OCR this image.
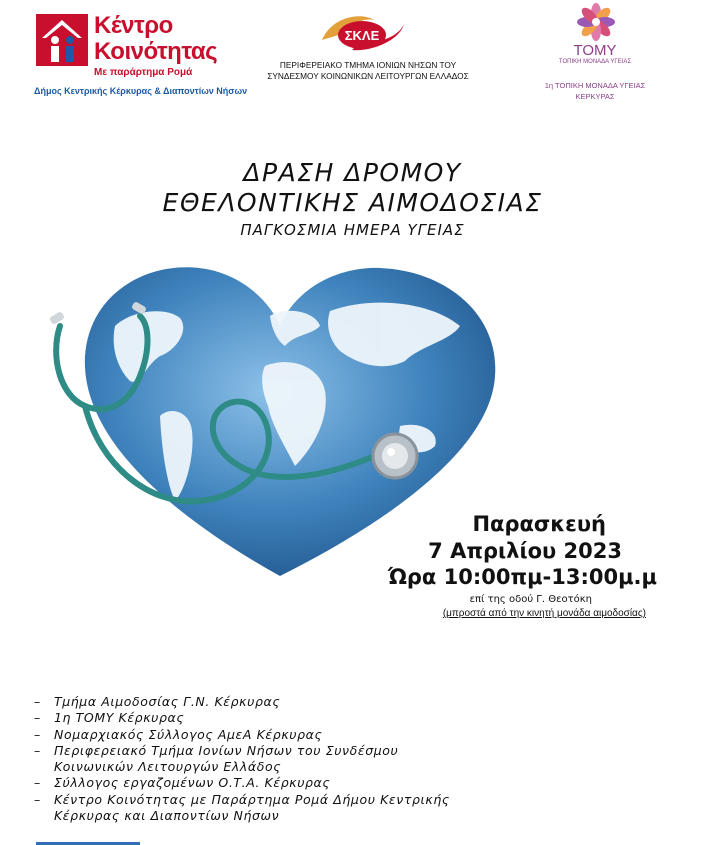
Κέντρο
Κοινότητας
Με παράρτημα Ρομά
Δήμος Κεντρικής Κέρκυρας & Διαποντίων Νήσων
ΣΚΛΕ
ΠΕΡΙΦΕΡΕΙΑΚΟ ΤΜΗΜΑ ΙΟΝΙΩΝ ΝΗΣΩΝ ΤΟΥ
ΣΥΝΔΕΣΜΟΥ ΚΟΙΝΩΝΙΚΩΝ ΛΕΙΤΟΥΡΓΩΝ ΕΛΛΑΔΟΣ
ΤΟΜΥ
ΤΟΠΙΚΗ ΜΟΝΑΔΑ ΥΓΕΙΑΣ
1η ΤΟΠΙΚΗ ΜΟΝΑΔΑ ΥΓΕΙΑΣ
ΚΕΡΚΥΡΑΣ
ΔΡΑΣΗ ΔΡΟΜΟΥ
ΕΘΕΛΟΝΤΙΚΗΣ ΑΙΜΟΔΟΣΙΑΣ
ΠΑΓΚΟΣΜΙΑ ΗΜΕΡΑ ΥΓΕΙΑΣ
Παρασκευή
7 Απριλίου 2023
Ώρα 10:00πμ-13:00μ.μ
επί της οδού Γ. Θεοτόκη
(μπροστά από την κινητή μονάδα αιμοδοσίας)
– Τμήμα Αιμοδοσίας Γ.Ν. Κέρκυρας
– 1η ΤΟΜΥ Κέρκυρας
– Νομαρχιακός Σύλλογος ΑμεΑ Κέρκυρας
– Περιφερειακό Τμήμα Ιονίων Νήσων του Συνδέσμου
Κοινωνικών Λειτουργών Ελλάδος
– Σύλλογος εργαζομένων Ο.Τ.Α. Κέρκυρας
– Κέντρο Κοινότητας με Παράρτημα Ρομά Δήμου Κεντρικής
Κέρκυρας και Διαποντίων Νήσων
